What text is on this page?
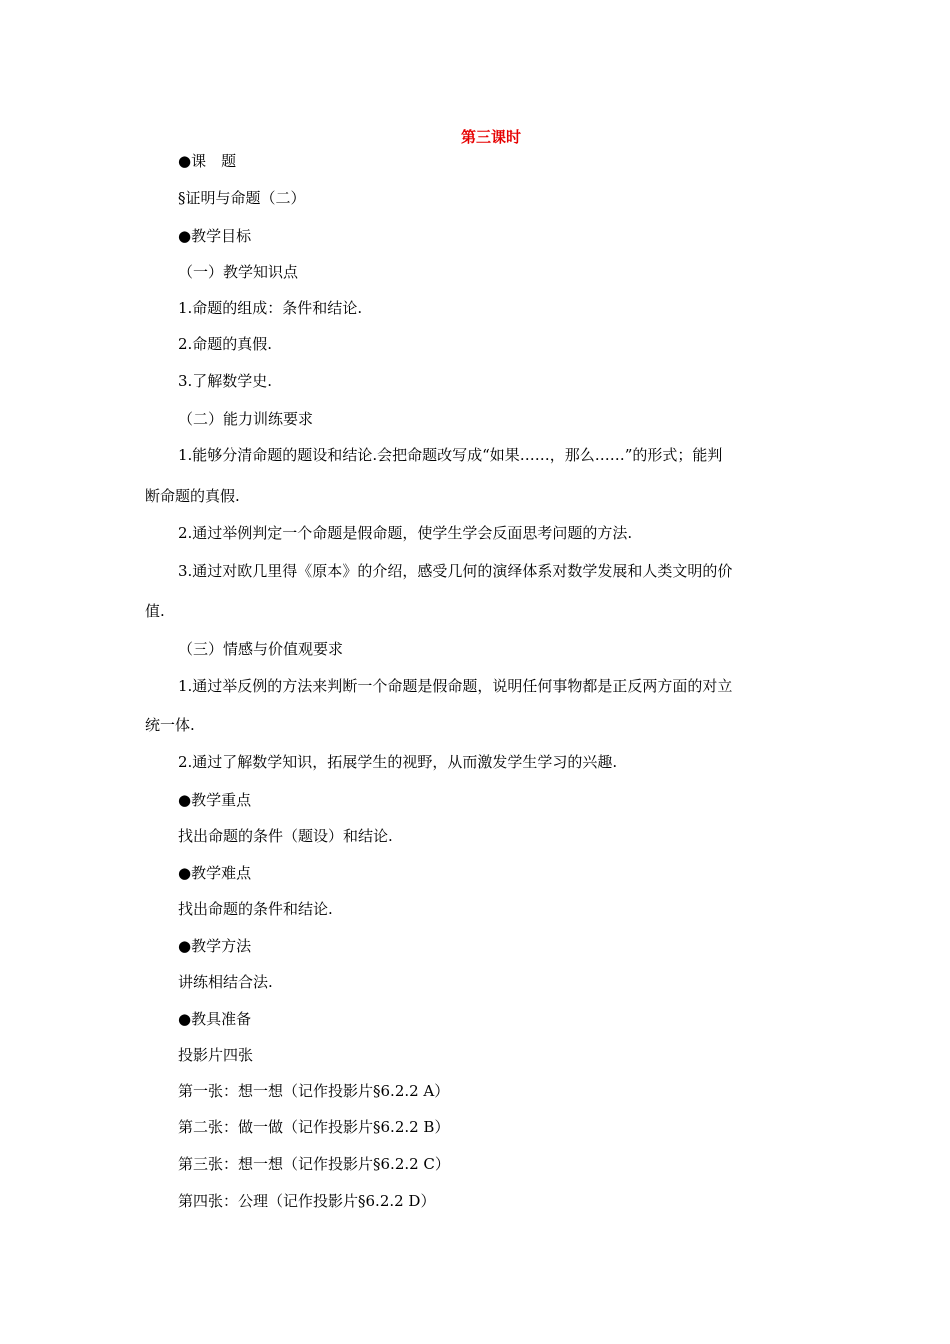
第三课时
●课　题
§证明与命题（二）
●教学目标
（一）教学知识点
1.命题的组成：条件和结论.
2.命题的真假.
3.了解数学史.
（二）能力训练要求
1.能够分清命题的题设和结论.会把命题改写成“如果……，那么……”的形式；能判
断命题的真假.
2.通过举例判定一个命题是假命题，使学生学会反面思考问题的方法.
3.通过对欧几里得《原本》的介绍，感受几何的演绎体系对数学发展和人类文明的价
值.
（三）情感与价值观要求
1.通过举反例的方法来判断一个命题是假命题，说明任何事物都是正反两方面的对立
统一体.
2.通过了解数学知识，拓展学生的视野，从而激发学生学习的兴趣.
●教学重点
找出命题的条件（题设）和结论.
●教学难点
找出命题的条件和结论.
●教学方法
讲练相结合法.
●教具准备
投影片四张
第一张：想一想（记作投影片§6.2.2 A）
第二张：做一做（记作投影片§6.2.2 B）
第三张：想一想（记作投影片§6.2.2 C）
第四张：公理（记作投影片§6.2.2 D）
